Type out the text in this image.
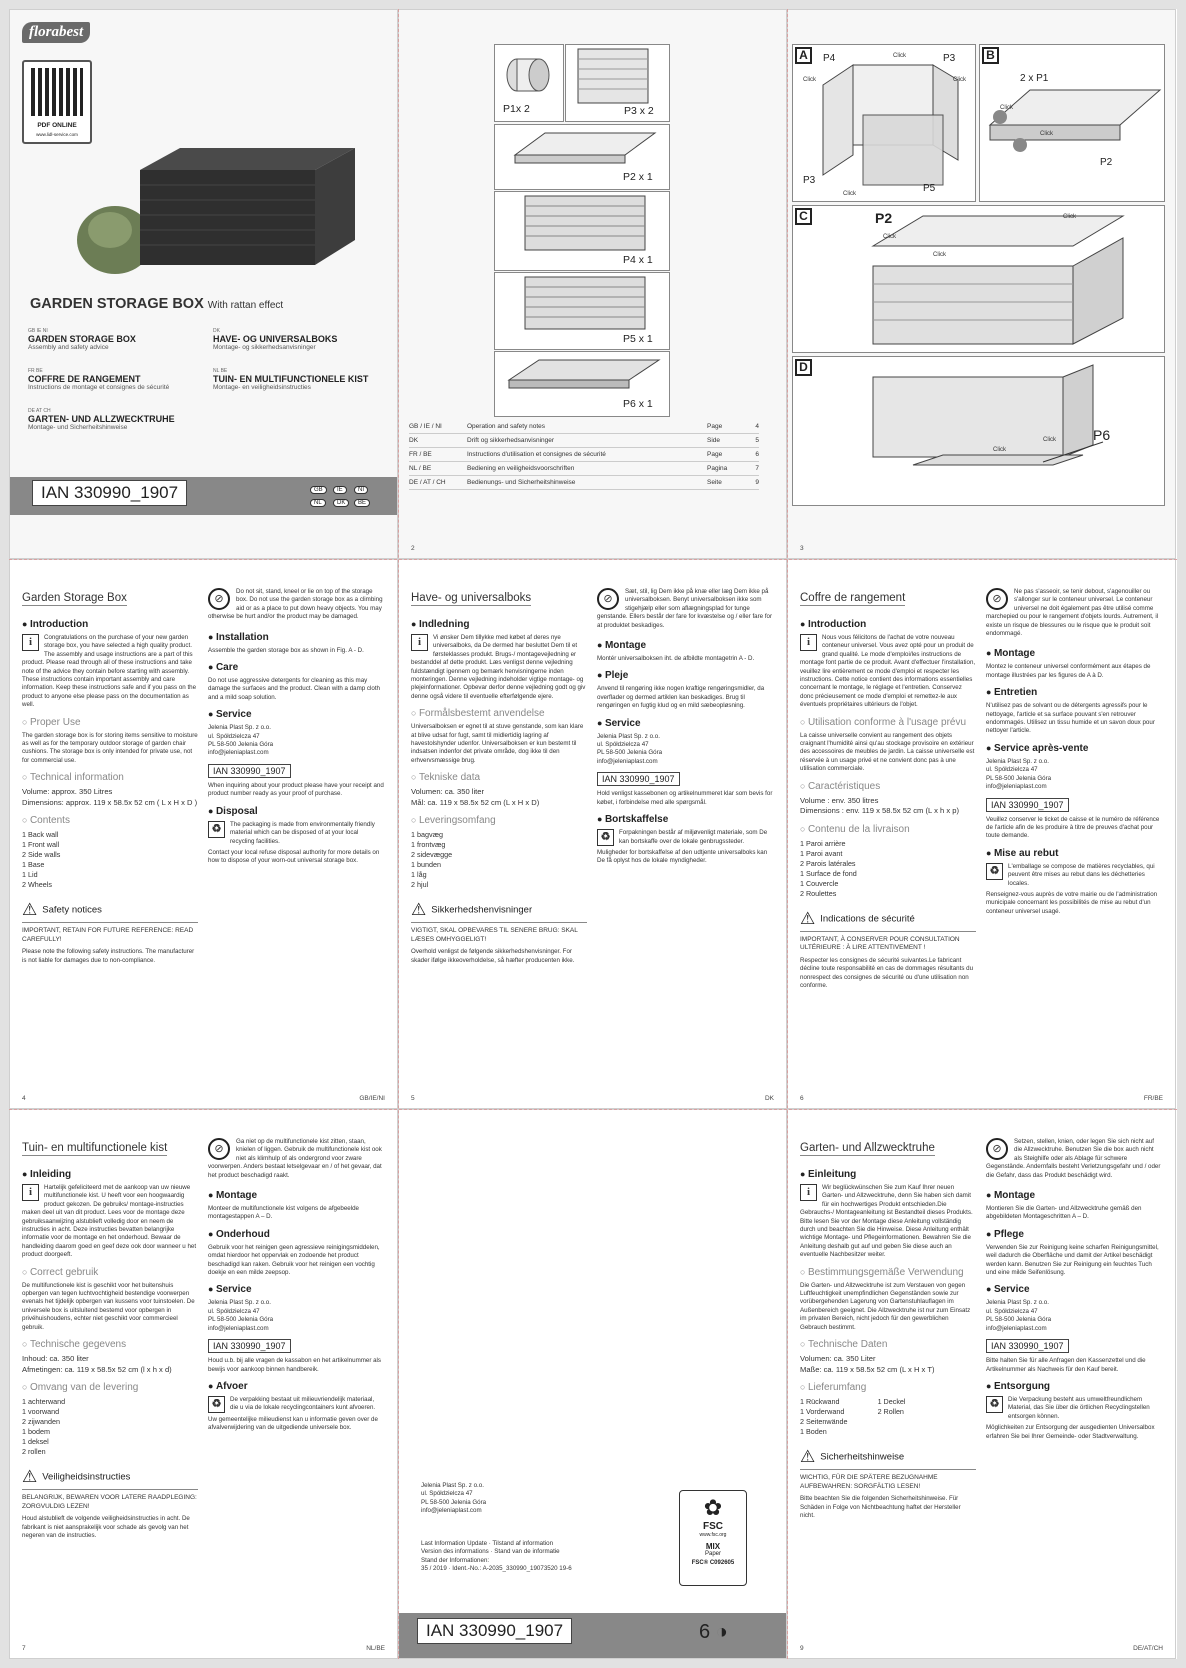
florabest
PDF ONLINE
www.lidl-service.com
GARDEN STORAGE BOX With rattan effect
GB IE NI
GARDEN STORAGE BOX
Assembly and safety advice
DK
HAVE- OG UNIVERSALBOKS
Montage- og sikkerhedsanvisninger
FR BE
COFFRE DE RANGEMENT
Instructions de montage et consignes de sécurité
NL BE
TUIN- EN MULTIFUNCTIONELE KIST
Montage- en veiligheidsinstructies
DE AT CH
GARTEN- UND ALLZWECKTRUHE
Montage- und Sicherheitshinweise
IAN 330990_1907	GB	IE	NI
NL	DK	BE
P1x 2	P3 x 2
P2 x 1
P4 x 1
P5 x 1
P6 x 1
GB / IE / NI	Operation and safety notes	Page	4
DK	Drift og sikkerhedsanvisninger	Side	5
FR / BE	Instructions d'utilisation et consignes de sécurité	Page	6
NL / BE	Bediening en veiligheidsvoorschriften	Pagina	7
DE / AT / CH	Bedienungs- und Sicherheitshinweise	Seite	9
2
A	P4	P3
P3
P5
Click
Click	Click
Click
B
2 x P1
P2
Click
Click
C	P2
Click
Click
Click
D
P6
Click
Click
3
Garden Storage Box
● Introduction
i	Congratulations on the purchase of your new garden storage box, you have selected a high quality product. The assembly and usage instructions are a part of this product. Please read through all of these instructions and take note of the advice they contain before starting with assembly. These instructions contain important assembly and care information. Keep these instructions safe and if you pass on the product to anyone else please pass on the documentation as well.
○ Proper Use
The garden storage box is for storing items sensitive to moisture as well as for the temporary outdoor storage of garden chair cushions. The storage box is only intended for private use, not for commercial use.
○ Technical information
Volume: approx. 350 Litres
Dimensions: approx. 119 x 58.5x 52 cm ( L x H x D )
○ Contents
1 Back wall
1 Front wall
2 Side walls
1 Base
1 Lid
2 Wheels
⚠ Safety notices
IMPORTANT, RETAIN FOR FUTURE REFERENCE: READ CAREFULLY!
Please note the following safety instructions. The manufacturer is not liable for damages due to non-compliance.
⊘
Do not sit, stand, kneel or lie on top of the storage box. Do not use the garden storage box as a climbing aid or as a place to put down heavy objects. You may otherwise be hurt and/or the product may be damaged.
● Installation
Assemble the garden storage box as shown in Fig. A - D.
● Care
Do not use aggressive detergents for cleaning as this may damage the surfaces and the product. Clean with a damp cloth and a mild soap solution.
● Service
Jelenia Plast Sp. z o.o.
ul. Spółdzielcza 47
PL 58-500 Jelenia Góra
info@jeleniaplast.com
IAN 330990_1907
When inquiring about your product please have your receipt and product number ready as your proof of purchase.
● Disposal
♻	The packaging is made from environmentally friendly material which can be disposed of at your local recycling facilities.
Contact your local refuse disposal authority for more details on how to dispose of your worn-out universal storage box.
4	GB/IE/NI
Have- og universalboks
● Indledning
i	Vi ønsker Dem tillykke med købet af deres nye universalboks, da De dermed har besluttet Dem til et førsteklasses produkt. Brugs-/ montagevejledning er bestanddel af dette produkt. Læs venligst denne vejledning fuldstændigt igennem og bemærk henvisningerne inden monteringen. Denne vejledning indeholder vigtige montage- og plejeinformationer. Opbevar derfor denne vejledning godt og giv denne også videre til eventuelle efterfølgende ejere.
○ Formålsbestemt anvendelse
Universalboksen er egnet til at stuve genstande, som kan klare at blive udsat for fugt, samt til midlertidig lagring af havestolshynder udenfor. Universalboksen er kun bestemt til indsatsen indenfor det private område, dog ikke til den erhvervsmæssige brug.
○ Tekniske data
Volumen: ca. 350 liter
Mål: ca. 119 x 58.5x 52 cm (L x H x D)
○ Leveringsomfang
1 bagvæg
1 frontvæg
2 sidevægge
1 bunden
1 låg
2 hjul
⚠ Sikkerhedshenvisninger
VIGTIGT, SKAL OPBEVARES TIL SENERE BRUG: SKAL LÆSES OMHYGGELIGT!
Overhold venligst de følgende sikkerhedshenvisninger. For skader ifølge ikkeoverholdelse, så hæfter producenten ikke.
⊘
Sæt, stil, lig Dem ikke på knæ eller læg Dem ikke på universalboksen. Benyt universalboksen ikke som stigehjælp eller som aflægningsplad for tunge genstande. Ellers består der fare for kvæstelse og / eller fare for at produktet beskadiges.
● Montage
Montér universalboksen iht. de afbildte montagetrin A - D.
● Pleje
Anvend til rengøring ikke nogen kraftige rengøringsmidler, da overflader og dermed artiklen kan beskadiges. Brug til rengøringen en fugtig klud og en mild sæbeopløsning.
● Service
Jelenia Plast Sp. z o.o.
ul. Spółdzielcza 47
PL 58-500 Jelenia Góra
info@jeleniaplast.com
IAN 330990_1907
Hold venligst kassebonen og artikelnummeret klar som bevis for købet, i forbindelse med alle spørgsmål.
● Bortskaffelse
♻	Forpakningen består af miljøvenligt materiale, som De kan bortskaffe over de lokale genbrugssteder.
Muligheder for bortskaffelse af den udtjente universalboks kan De få oplyst hos de lokale myndigheder.
5	DK
Coffre de rangement
● Introduction
i	Nous vous félicitons de l'achat de votre nouveau conteneur universel. Vous avez opté pour un produit de grand qualité. Le mode d'emploi/les instructions de montage font partie de ce produit. Avant d'effectuer l'installation, veuillez lire entièrement ce mode d'emploi et respecter les instructions. Cette notice contient des informations essentielles concernant le montage, le réglage et l'entretien. Conservez donc précieusement ce mode d'emploi et remettez-le aux éventuels propriétaires ultérieurs de l'objet.
○ Utilisation conforme à l'usage prévu
La caisse universelle convient au rangement des objets craignant l'humidité ainsi qu'au stockage provisoire en extérieur des accessoires de meubles de jardin. La caisse universelle est réservée à un usage privé et ne convient donc pas à une utilisation commerciale.
○ Caractéristiques
Volume : env. 350 litres
Dimensions : env. 119 x 58.5x 52 cm (L x h x p)
○ Contenu de la livraison
1 Paroi arrière
1 Paroi avant
2 Parois latérales
1 Surface de fond
1 Couvercle
2 Roulettes
⚠ Indications de sécurité
IMPORTANT, À CONSERVER POUR CONSULTATION ULTÉRIEURE : À LIRE ATTENTIVEMENT !
Respecter les consignes de sécurité suivantes.Le fabricant décline toute responsabilité en cas de dommages résultants du nonrespect des consignes de sécurité ou d'une utilisation non conforme.
⊘
Ne pas s'asseoir, se tenir debout, s'agenouiller ou s'allonger sur le conteneur universel. Le conteneur universel ne doit également pas être utilisé comme marchepied ou pour le rangement d'objets lourds. Autrement, il existe un risque de blessures ou le risque que le produit soit endommagé.
● Montage
Montez le conteneur universel conformément aux étapes de montage illustrées par les figures de A à D.
● Entretien
N'utilisez pas de solvant ou de détergents agressifs pour le nettoyage, l'article et sa surface pouvant s'en retrouver endommagés. Utilisez un tissu humide et un savon doux pour nettoyer l'article.
● Service après-vente
Jelenia Plast Sp. z o.o.
ul. Spółdzielcza 47
PL 58-500 Jelenia Góra
info@jeleniaplast.com
IAN 330990_1907
Veuillez conserver le ticket de caisse et le numéro de référence de l'article afin de les produire à titre de preuves d'achat pour toute demande.
● Mise au rebut
♻	L'emballage se compose de matières recyclables, qui peuvent être mises au rebut dans les déchetteries locales.
Renseignez-vous auprès de votre mairie ou de l'administration municipale concernant les possibilités de mise au rebut d'un conteneur universel usagé.
6	FR/BE
Tuin- en multifunctionele kist
● Inleiding
i	Hartelijk gefeliciteerd met de aankoop van uw nieuwe multifunctionele kist. U heeft voor een hoogwaardig product gekozen. De gebruiks/ montage-instructies maken deel uit van dit product. Lees voor de montage deze gebruiksaanwijzing alstublieft volledig door en neem de instructies in acht. Deze instructies bevatten belangrijke informatie voor de montage en het onderhoud. Bewaar de handleiding daarom goed en geef deze ook door wanneer u het product doorgeeft.
○ Correct gebruik
De multifunctionele kist is geschikt voor het buitenshuis opbergen van tegen luchtvochtigheid bestendige voorwerpen evenals het tijdelijk opbergen van kussens voor tuinstoelen. De universele box is uitsluitend bestemd voor opbergen in privéhuishoudens, echter niet geschikt voor commercieel gebruik.
○ Technische gegevens
Inhoud: ca. 350 liter
Afmetingen: ca. 119 x 58.5x 52 cm (l x h x d)
○ Omvang van de levering
1 achterwand
1 voorwand
2 zijwanden
1 bodem
1 deksel
2 rollen
⚠ Veiligheidsinstructies
BELANGRIJK, BEWAREN VOOR LATERE RAADPLEGING: ZORGVULDIG LEZEN!
Houd alstublieft de volgende veiligheidsinstructies in acht. De fabrikant is niet aansprakelijk voor schade als gevolg van het negeren van de instructies.
⊘
Ga niet op de multifunctionele kist zitten, staan, knielen of liggen. Gebruik de multifunctionele kist ook niet als klimhulp of als ondergrond voor zware voorwerpen. Anders bestaat letselgevaar en / of het gevaar, dat het product beschadigd raakt.
● Montage
Monteer de multifunctionele kist volgens de afgebeelde montagestappen A – D.
● Onderhoud
Gebruik voor het reinigen geen agressieve reinigingsmiddelen, omdat hierdoor het oppervlak en zodoende het product beschadigd kan raken. Gebruik voor het reinigen een vochtig doekje en een milde zeepsop.
● Service
Jelenia Plast Sp. z o.o.
ul. Spółdzielcza 47
PL 58-500 Jelenia Góra
info@jeleniaplast.com
IAN 330990_1907
Houd u.b. bij alle vragen de kassabon en het artikelnummer als bewijs voor aankoop binnen handbereik.
● Afvoer
♻	De verpakking bestaat uit milieuvriendelijk materiaal, die u via de lokale recyclingcontainers kunt afvoeren.
Uw gemeentelijke milieudienst kan u informatie geven over de afvalverwijdering van de uitgediende universele box.
7	NL/BE
Jelenia Plast Sp. z o.o.
ul. Spółdzielcza 47
PL 58-500 Jelenia Góra
info@jeleniaplast.com
Last Information Update · Tilstand af information
Version des informations · Stand van de informatie
Stand der Informationen:
35 / 2019 · Ident.-No.: A-2035_330990_19073520 19-6
✿
FSC
www.fsc.org
MIX
Paper
FSC® C092605
IAN 330990_1907	6 ◑
Garten- und Allzwecktruhe
● Einleitung
i	Wir beglückwünschen Sie zum Kauf Ihrer neuen Garten- und Allzwecktruhe, denn Sie haben sich damit für ein hochwertiges Produkt entschieden.Die Gebrauchs-/ Montageanleitung ist Bestandteil dieses Produkts. Bitte lesen Sie vor der Montage diese Anleitung vollständig durch und beachten Sie die Hinweise. Diese Anleitung enthält wichtige Montage- und Pflegeinformationen. Bewahren Sie die Anleitung deshalb gut auf und geben Sie diese auch an eventuelle Nachbesitzer weiter.
○ Bestimmungsgemäße Verwendung
Die Garten- und Allzwecktruhe ist zum Verstauen von gegen Luftfeuchtigkeit unempfindlichen Gegenständen sowie zur vorübergehenden Lagerung von Gartenstuhlauflagen im Außenbereich geeignet. Die Allzwecktruhe ist nur zum Einsatz im privaten Bereich, nicht jedoch für den gewerblichen Gebrauch bestimmt.
○ Technische Daten
Volumen: ca. 350 Liter
Maße: ca. 119 x 58.5x 52 cm (L x H x T)
○ Lieferumfang
1 Rückwand
1 Vorderwand
2 Seitenwände
1 Boden
1 Deckel
2 Rollen
⚠ Sicherheitshinweise
WICHTIG, FÜR DIE SPÄTERE BEZUGNAHME AUFBEWAHREN: SORGFÄLTIG LESEN!
Bitte beachten Sie die folgenden Sicherheitshinweise. Für Schäden in Folge von Nichtbeachtung haftet der Hersteller nicht.
⊘
Setzen, stellen, knien, oder legen Sie sich nicht auf die Allzwecktruhe. Benutzen Sie die box auch nicht als Steighilfe oder als Ablage für schwere Gegenstände. Andernfalls besteht Verletzungsgefahr und / oder die Gefahr, dass das Produkt beschädigt wird.
● Montage
Montieren Sie die Garten- und Allzwecktruhe gemäß den abgebildeten Montageschritten A – D.
● Pflege
Verwenden Sie zur Reinigung keine scharfen Reinigungsmittel, weil dadurch die Oberfläche und damit der Artikel beschädigt werden kann. Benutzen Sie zur Reinigung ein feuchtes Tuch und eine milde Seifenlösung.
● Service
Jelenia Plast Sp. z o.o.
ul. Spółdzielcza 47
PL 58-500 Jelenia Góra
info@jeleniaplast.com
IAN 330990_1907
Bitte halten Sie für alle Anfragen den Kassenzettel und die Artikelnummer als Nachweis für den Kauf bereit.
● Entsorgung
♻	Die Verpackung besteht aus umweltfreundlichem Material, das Sie über die örtlichen Recyclingstellen entsorgen können.
Möglichkeiten zur Entsorgung der ausgedienten Universalbox erfahren Sie bei Ihrer Gemeinde- oder Stadtverwaltung.
9	DE/AT/CH
